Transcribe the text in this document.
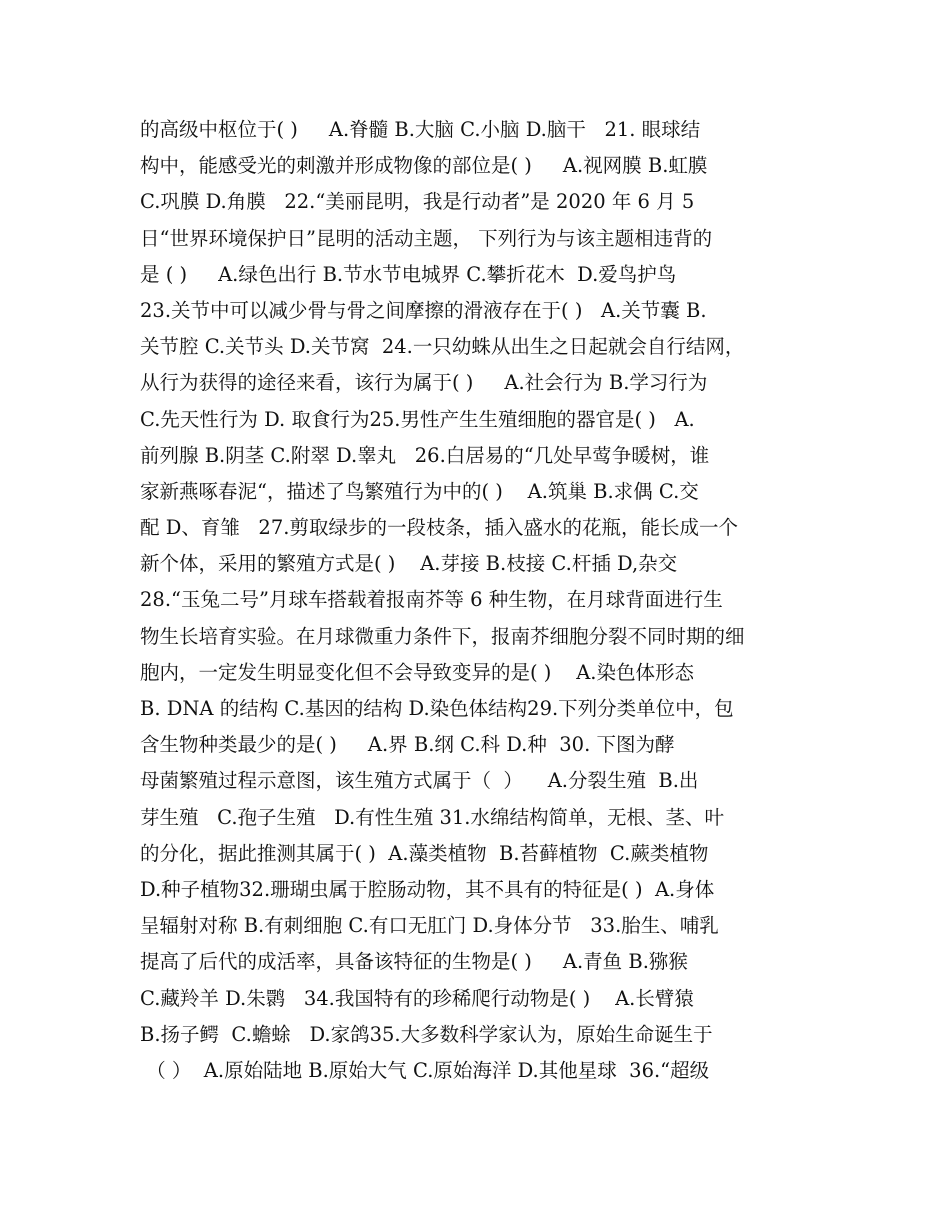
的高级中枢位于( )     A.脊髓 B.大脑 C.小脑 D.脑干   21. 眼球结
构中，能感受光的刺激并形成物像的部位是( )     A.视网膜 B.虹膜
C.巩膜 D.角膜   22.“美丽昆明，我是行动者”是 2020 年 6 月 5
日“世界环境保护日”昆明的活动主题， 下列行为与该主题相违背的
是 ( )     A.绿色出行 B.节水节电城界 C.攀折花木  D.爱鸟护鸟
23.关节中可以减少骨与骨之间摩擦的滑液存在于( )   A.关节囊 B.
关节腔 C.关节头 D.关节窝  24.一只幼蛛从出生之日起就会自行结网，
从行为获得的途径来看，该行为属于( )     A.社会行为 B.学习行为
C.先天性行为 D. 取食行为25.男性产生生殖细胞的器官是( )   A.
前列腺 B.阴茎 C.附翠 D.睾丸   26.白居易的“几处早莺争暖树，谁
家新燕啄春泥“，描述了鸟繁殖行为中的( )    A.筑巢 B.求偶 C.交
配 D、育雏   27.剪取绿步的一段枝条，插入盛水的花瓶，能长成一个
新个体，采用的繁殖方式是( )    A.芽接 B.枝接 C.杆插 D,杂交
28.“玉兔二号”月球车搭载着报南芥等 6 种生物，在月球背面进行生
物生长培育实验。在月球微重力条件下，报南芥细胞分裂不同时期的细
胞内，一定发生明显变化但不会导致变异的是( )    A.染色体形态
B. DNA 的结构 C.基因的结构 D.染色体结构29.下列分类单位中，包
含生物种类最少的是( )     A.界 B.纲 C.科 D.种  30. 下图为酵
母菌繁殖过程示意图，该生殖方式属于（  ）    A.分裂生殖  B.出
芽生殖   C.孢子生殖   D.有性生殖 31.水绵结构简单，无根、茎、叶
的分化，据此推测其属于( )  A.藻类植物  B.苔藓植物  C.蕨类植物
D.种子植物32.珊瑚虫属于腔肠动物，其不具有的特征是( )  A.身体
呈辐射对称 B.有刺细胞 C.有口无肛门 D.身体分节   33.胎生、哺乳
提高了后代的成活率，具备该特征的生物是( )     A.青鱼 B.猕猴
C.藏羚羊 D.朱鹮   34.我国特有的珍稀爬行动物是( )    A.长臂猿
B.扬子鳄  C.蟾蜍   D.家鸽35.大多数科学家认为，原始生命诞生于
（ ）  A.原始陆地 B.原始大气 C.原始海洋 D.其他星球  36.“超级
